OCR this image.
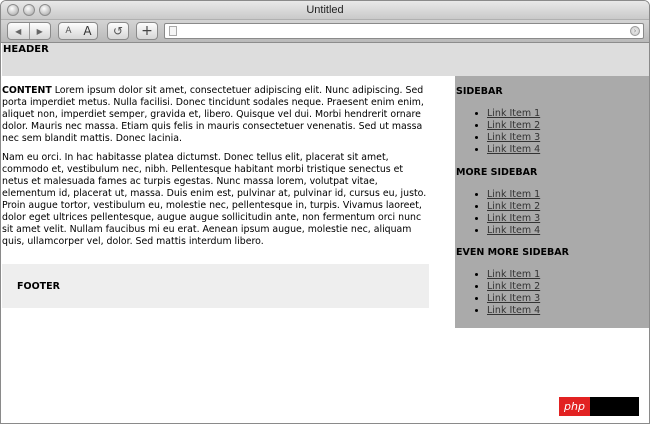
Untitled
◀	▶	A A	↺ +	›
HEADER

CONTENT Lorem ipsum dolor sit amet, consectetuer adipiscing elit. Nunc adipiscing. Sed porta imperdiet metus. Nulla facilisi. Donec tincidunt sodales neque. Praesent enim enim, aliquet non, imperdiet semper, gravida et, libero. Quisque vel dui. Morbi hendrerit ornare dolor. Mauris nec massa. Etiam quis felis in mauris consectetuer venenatis. Sed ut massa nec sem blandit mattis. Donec lacinia.

Nam eu orci. In hac habitasse platea dictumst. Donec tellus elit, placerat sit amet, commodo et, vestibulum nec, nibh. Pellentesque habitant morbi tristique senectus et netus et malesuada fames ac turpis egestas. Nunc massa lorem, volutpat vitae, elementum id, placerat ut, massa. Duis enim est, pulvinar at, pulvinar id, cursus eu, justo. Proin augue tortor, vestibulum eu, molestie nec, pellentesque in, turpis. Vivamus laoreet, dolor eget ultrices pellentesque, augue augue sollicitudin ante, non fermentum orci nunc sit amet velit. Nullam faucibus mi eu erat. Aenean ipsum augue, molestie nec, aliquam quis, ullamcorper vel, dolor. Sed mattis interdum libero.

FOOTER
SIDEBAR
• Link Item 1
• Link Item 2
• Link Item 3
• Link Item 4
MORE SIDEBAR
• Link Item 1
• Link Item 2
• Link Item 3
• Link Item 4
EVEN MORE SIDEBAR
• Link Item 1
• Link Item 2
• Link Item 3
• Link Item 4
php
